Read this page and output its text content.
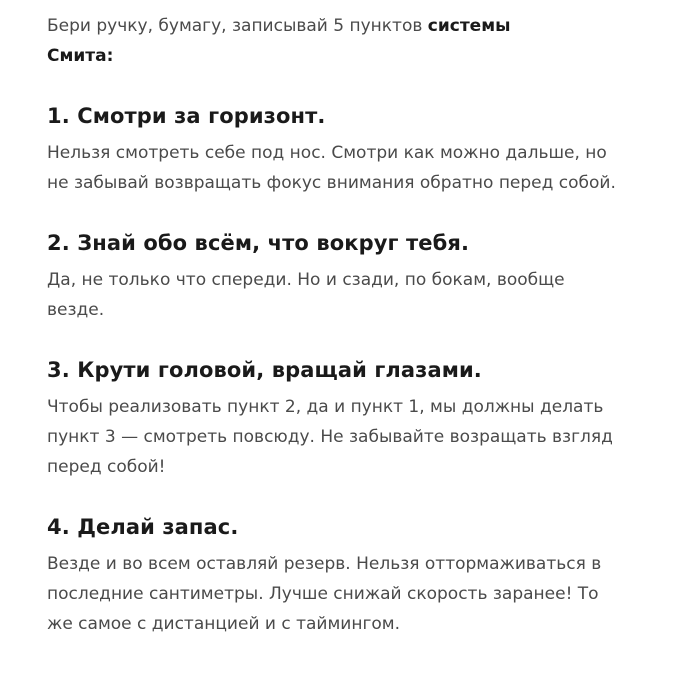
Бери ручку, бумагу, записывай 5 пунктов системы
Смита:

1. Смотри за горизонт.

Нельзя смотреть себе под нос. Смотри как можно дальше, но не забывай возвращать фокус внимания обратно перед собой.

2. Знай обо всём, что вокруг тебя.

Да, не только что спереди. Но и сзади, по бокам, вообще везде.

3. Крути головой, вращай глазами.

Чтобы реализовать пункт 2, да и пункт 1, мы должны делать пункт 3 — смотреть повсюду. Не забывайте возращать взгляд перед собой!

4. Делай запас.

Везде и во всем оставляй резерв. Нельзя оттормаживаться в последние сантиметры. Лучше снижай скорость заранее! То же самое с дистанцией и с таймингом.
